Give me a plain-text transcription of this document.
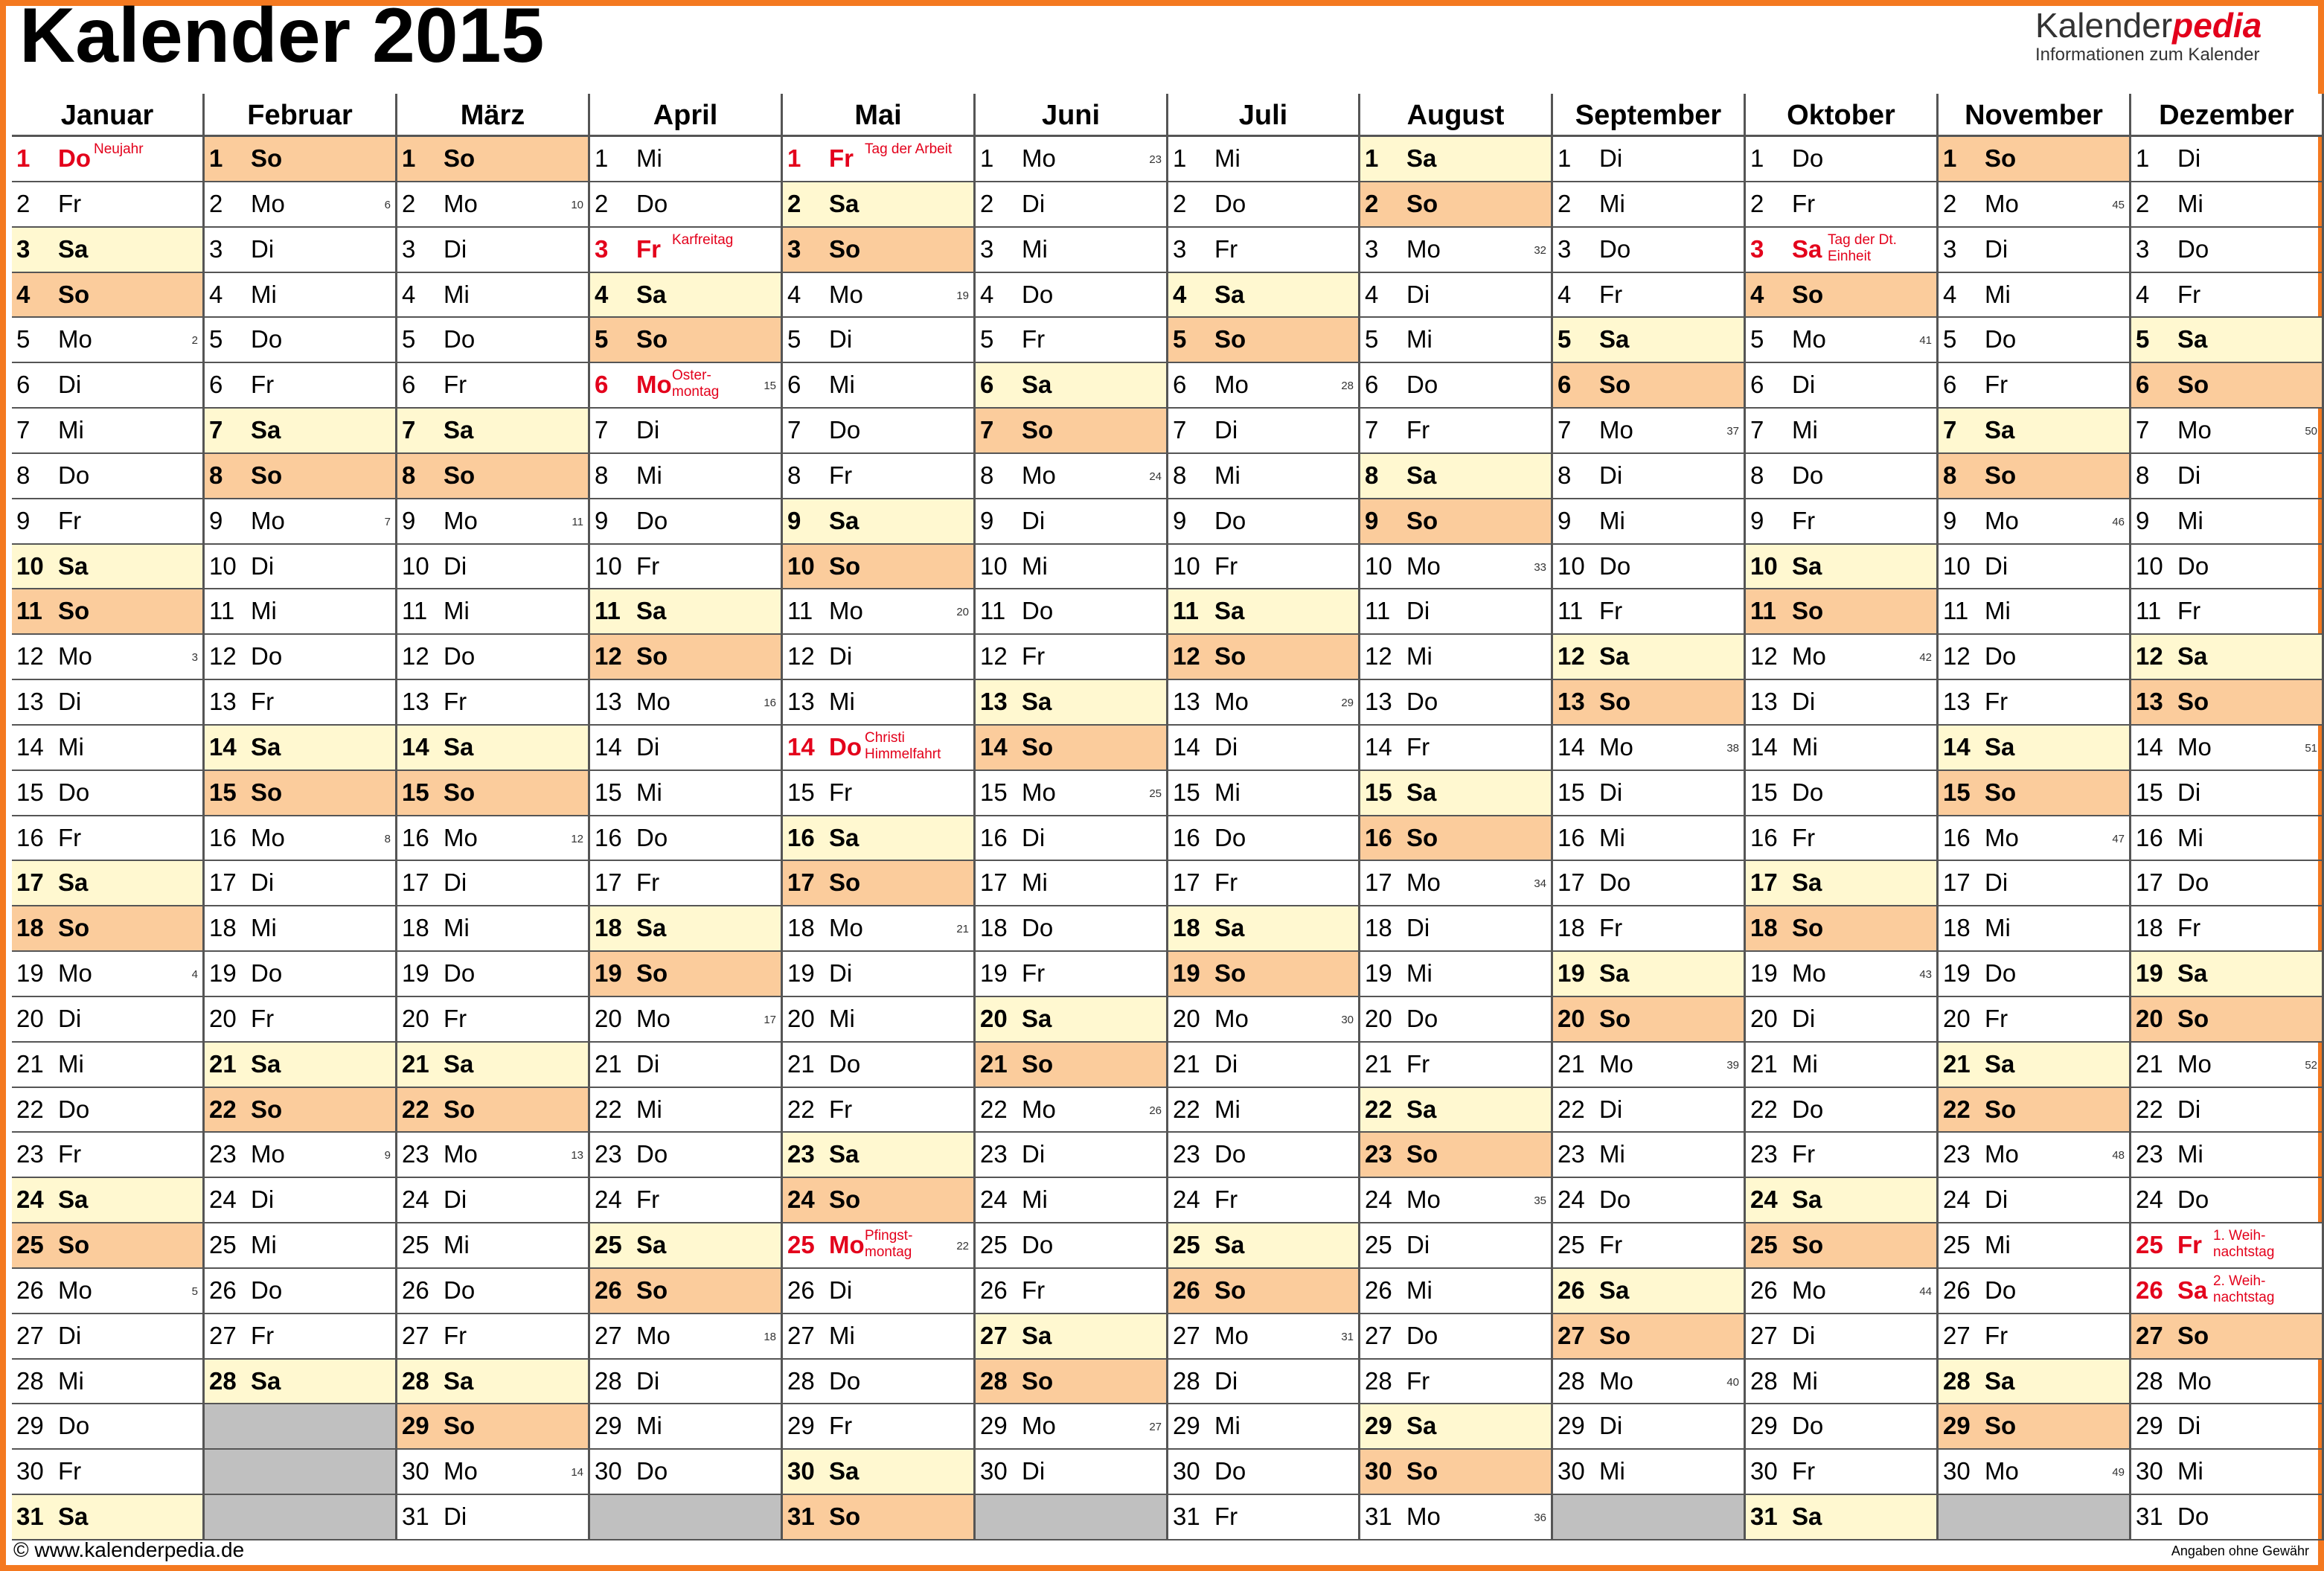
Kalender 2015	Kalenderpedia
Informationen zum Kalender
Januar
1 Do Neujahr
2 Fr
3 Sa
4 So
5 Mo	2
6 Di
7 Mi
8 Do
9 Fr
10 Sa
11 So
12 Mo	3
13 Di
14 Mi
15 Do
16 Fr
17 Sa
18 So
19 Mo	4
20 Di
21 Mi
22 Do
23 Fr
24 Sa
25 So
26 Mo	5
27 Di
28 Mi
29 Do
30 Fr
31 Sa
Februar
1 So
2 Mo	6
3 Di
4 Mi
5 Do
6 Fr
7 Sa
8 So
9 Mo	7
10 Di
11 Mi
12 Do
13 Fr
14 Sa
15 So
16 Mo	8
17 Di
18 Mi
19 Do
20 Fr
21 Sa
22 So
23 Mo	9
24 Di
25 Mi
26 Do
27 Fr
28 Sa
März
1 So
2 Mo	10
3 Di
4 Mi
5 Do
6 Fr
7 Sa
8 So
9 Mo	11
10 Di
11 Mi
12 Do
13 Fr
14 Sa
15 So
16 Mo	12
17 Di
18 Mi
19 Do
20 Fr
21 Sa
22 So
23 Mo	13
24 Di
25 Mi
26 Do
27 Fr
28 Sa
29 So
30 Mo	14
31 Di
April
1 Mi
2 Do
3 Fr Karfreitag
4 Sa
5 So
6 Mo Oster-
montag	15
7 Di
8 Mi
9 Do
10 Fr
11 Sa
12 So
13 Mo	16
14 Di
15 Mi
16 Do
17 Fr
18 Sa
19 So
20 Mo	17
21 Di
22 Mi
23 Do
24 Fr
25 Sa
26 So
27 Mo	18
28 Di
29 Mi
30 Do
Mai
1 Fr Tag der Arbeit
2 Sa
3 So
4 Mo	19
5 Di
6 Mi
7 Do
8 Fr
9 Sa
10 So
11 Mo	20
12 Di
13 Mi
14 Do Christi
Himmelfahrt
15 Fr
16 Sa
17 So
18 Mo	21
19 Di
20 Mi
21 Do
22 Fr
23 Sa
24 So
25 Mo Pfingst-
montag	22
26 Di
27 Mi
28 Do
29 Fr
30 Sa
31 So
Juni
1 Mo	23
2 Di
3 Mi
4 Do
5 Fr
6 Sa
7 So
8 Mo	24
9 Di
10 Mi
11 Do
12 Fr
13 Sa
14 So
15 Mo	25
16 Di
17 Mi
18 Do
19 Fr
20 Sa
21 So
22 Mo	26
23 Di
24 Mi
25 Do
26 Fr
27 Sa
28 So
29 Mo	27
30 Di
Juli
1 Mi
2 Do
3 Fr
4 Sa
5 So
6 Mo	28
7 Di
8 Mi
9 Do
10 Fr
11 Sa
12 So
13 Mo	29
14 Di
15 Mi
16 Do
17 Fr
18 Sa
19 So
20 Mo	30
21 Di
22 Mi
23 Do
24 Fr
25 Sa
26 So
27 Mo	31
28 Di
29 Mi
30 Do
31 Fr
August
1 Sa
2 So
3 Mo	32
4 Di
5 Mi
6 Do
7 Fr
8 Sa
9 So
10 Mo	33
11 Di
12 Mi
13 Do
14 Fr
15 Sa
16 So
17 Mo	34
18 Di
19 Mi
20 Do
21 Fr
22 Sa
23 So
24 Mo	35
25 Di
26 Mi
27 Do
28 Fr
29 Sa
30 So
31 Mo	36
September
1 Di
2 Mi
3 Do
4 Fr
5 Sa
6 So
7 Mo	37
8 Di
9 Mi
10 Do
11 Fr
12 Sa
13 So
14 Mo	38
15 Di
16 Mi
17 Do
18 Fr
19 Sa
20 So
21 Mo	39
22 Di
23 Mi
24 Do
25 Fr
26 Sa
27 So
28 Mo	40
29 Di
30 Mi
Oktober
1 Do
2 Fr
3 Sa Tag der Dt.
Einheit
4 So
5 Mo	41
6 Di
7 Mi
8 Do
9 Fr
10 Sa
11 So
12 Mo	42
13 Di
14 Mi
15 Do
16 Fr
17 Sa
18 So
19 Mo	43
20 Di
21 Mi
22 Do
23 Fr
24 Sa
25 So
26 Mo	44
27 Di
28 Mi
29 Do
30 Fr
31 Sa
November
1 So
2 Mo	45
3 Di
4 Mi
5 Do
6 Fr
7 Sa
8 So
9 Mo	46
10 Di
11 Mi
12 Do
13 Fr
14 Sa
15 So
16 Mo	47
17 Di
18 Mi
19 Do
20 Fr
21 Sa
22 So
23 Mo	48
24 Di
25 Mi
26 Do
27 Fr
28 Sa
29 So
30 Mo	49
Dezember
1 Di
2 Mi
3 Do
4 Fr
5 Sa
6 So
7 Mo	50
8 Di
9 Mi
10 Do
11 Fr
12 Sa
13 So
14 Mo	51
15 Di
16 Mi
17 Do
18 Fr
19 Sa
20 So
21 Mo	52
22 Di
23 Mi
24 Do
25 Fr 1. Weih-
nachtstag
26 Sa 2. Weih-
nachtstag
27 So
28 Mo
29 Di
30 Mi
31 Do
© www.kalenderpedia.de	Angaben ohne Gewähr
